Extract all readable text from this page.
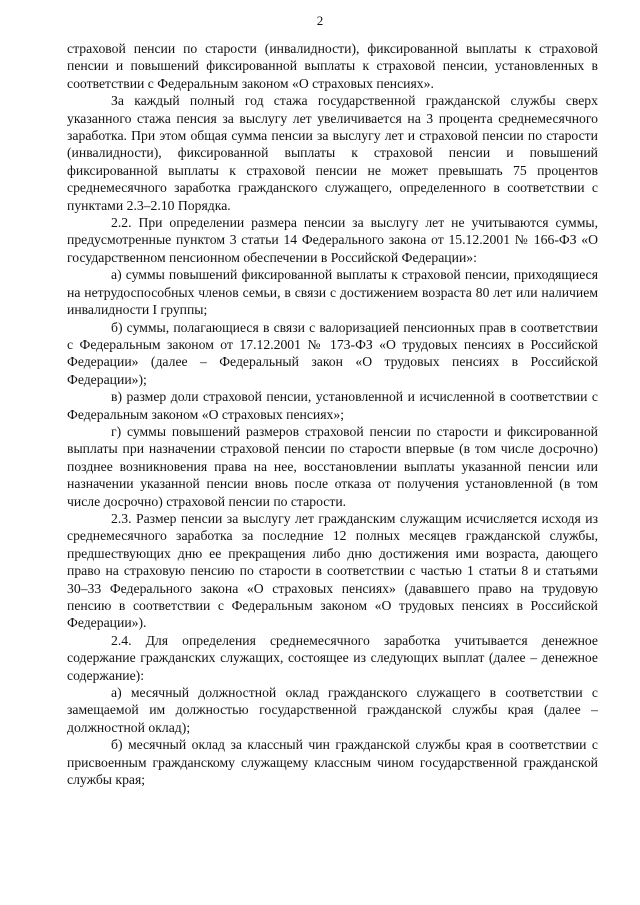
2

страховой пенсии по старости (инвалидности), фиксированной выплаты к страховой пенсии и повышений фиксированной выплаты к страховой пенсии, установленных в соответствии с Федеральным законом «О страховых пенсиях».

За каждый полный год стажа государственной гражданской службы сверх указанного стажа пенсия за выслугу лет увеличивается на 3 процента среднемесячного заработка. При этом общая сумма пенсии за выслугу лет и страховой пенсии по старости (инвалидности), фиксированной выплаты к страховой пенсии и повышений фиксированной выплаты к страховой пенсии не может превышать 75 процентов среднемесячного заработка гражданского служащего, определенного в соответствии с пунктами 2.3–2.10 Порядка.

2.2. При определении размера пенсии за выслугу лет не учитываются суммы, предусмотренные пунктом 3 статьи 14 Федерального закона от 15.12.2001 № 166-ФЗ «О государственном пенсионном обеспечении в Российской Федерации»:

а) суммы повышений фиксированной выплаты к страховой пенсии, приходящиеся на нетрудоспособных членов семьи, в связи с достижением возраста 80 лет или наличием инвалидности I группы;

б) суммы, полагающиеся в связи с валоризацией пенсионных прав в соответствии с Федеральным законом от 17.12.2001 № 173-ФЗ «О трудовых пенсиях в Российской Федерации» (далее – Федеральный закон «О трудовых пенсиях в Российской Федерации»);

в) размер доли страховой пенсии, установленной и исчисленной в соответствии с Федеральным законом «О страховых пенсиях»;

г) суммы повышений размеров страховой пенсии по старости и фиксированной выплаты при назначении страховой пенсии по старости впервые (в том числе досрочно) позднее возникновения права на нее, восстановлении выплаты указанной пенсии или назначении указанной пенсии вновь после отказа от получения установленной (в том числе досрочно) страховой пенсии по старости.

2.3. Размер пенсии за выслугу лет гражданским служащим исчисляется исходя из среднемесячного заработка за последние 12 полных месяцев гражданской службы, предшествующих дню ее прекращения либо дню достижения ими возраста, дающего право на страховую пенсию по старости в соответствии с частью 1 статьи 8 и статьями 30–33 Федерального закона «О страховых пенсиях» (дававшего право на трудовую пенсию в соответствии с Федеральным законом «О трудовых пенсиях в Российской Федерации»).

2.4. Для определения среднемесячного заработка учитывается денежное содержание гражданских служащих, состоящее из следующих выплат (далее – денежное содержание):

а) месячный должностной оклад гражданского служащего в соответствии с замещаемой им должностью государственной гражданской службы края (далее – должностной оклад);

б) месячный оклад за классный чин гражданской службы края в соответствии с присвоенным гражданскому служащему классным чином государственной гражданской службы края;
